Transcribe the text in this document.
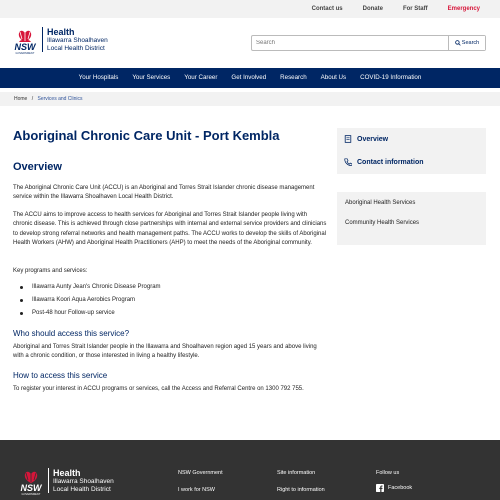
Contact us	Donate	For Staff	Emergency
NSW
GOVERNMENT
Health
Illawarra Shoalhaven
Local Health District
Search
Search
Your Hospitals	Your Services	Your Career	Get Involved	Research	About Us	COVID-19 Information
Home / Services and Clinics
Aboriginal Chronic Care Unit - Port Kembla
Overview

The Aboriginal Chronic Care Unit (ACCU) is an Aboriginal and Torres Strait Islander chronic disease management service within the Illawarra Shoalhaven Local Health District.

The ACCU aims to improve access to health services for Aboriginal and Torres Strait Islander people living with chronic disease. This is achieved through close partnerships with internal and external service providers and clinicians to develop strong referral networks and health management paths. The ACCU works to develop the skills of Aboriginal Health Workers (AHW) and Aboriginal Health Practitioners (AHP) to meet the needs of the Aboriginal community.

Key programs and services:

Illawarra Aunty Jean's Chronic Disease Program
Illawarra Koori Aqua Aerobics Program
Post-48 hour Follow-up service
Who should access this service?

Aboriginal and Torres Strait Islander people in the Illawarra and Shoalhaven region aged 15 years and above living with a chronic condition, or those interested in living a healthy lifestyle.

How to access this service

To register your interest in ACCU programs or services, call the Access and Referral Centre on 1300 792 755.

Overview
Contact information
Aboriginal Health Services
Community Health Services
NSW
GOVERNMENT
Health
Illawarra Shoalhaven
Local Health District
NSW Government
I work for NSW
Site information
Right to information
Follow us
Facebook
